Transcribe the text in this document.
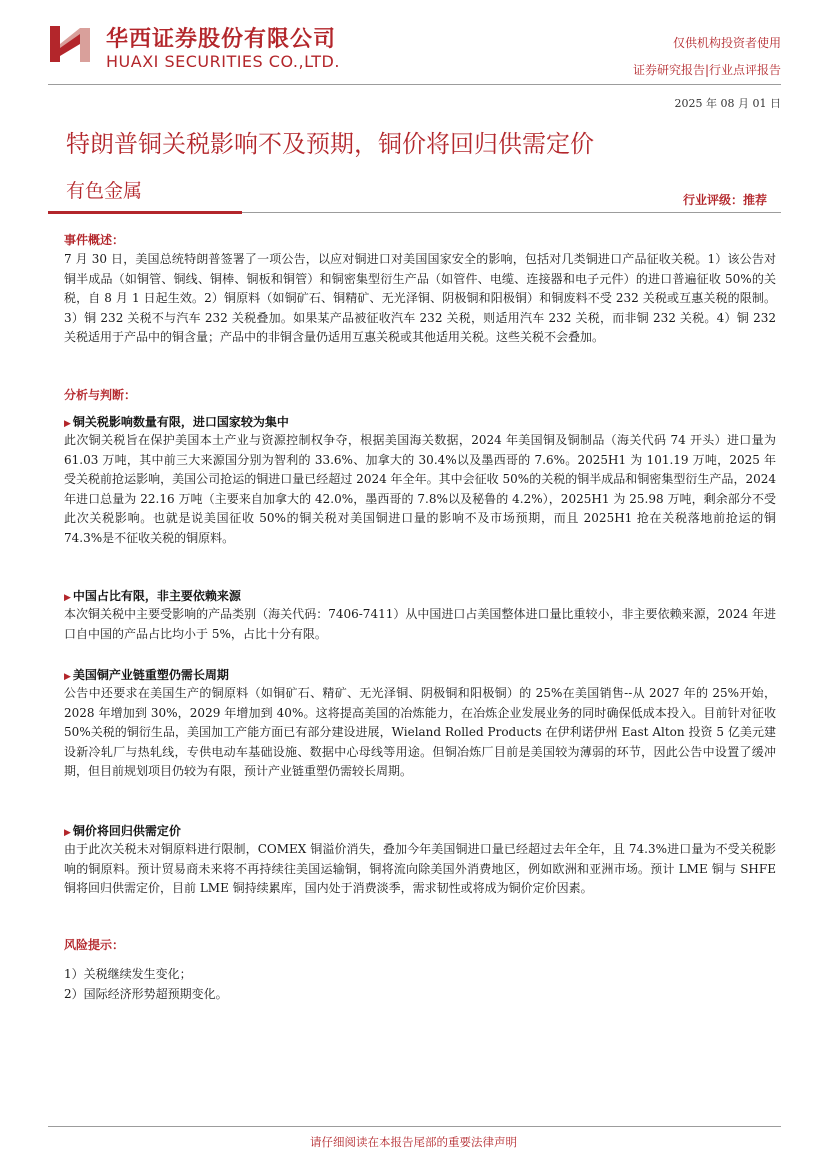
华西证券股份有限公司
HUAXI SECURITIES CO.,LTD.
仅供机构投资者使用
证券研究报告|行业点评报告
2025 年 08 月 01 日
特朗普铜关税影响不及预期，铜价将回归供需定价
有色金属	行业评级：推荐
事件概述：
7 月 30 日，美国总统特朗普签署了一项公告，以应对铜进口对美国国家安全的影响，包括对几类铜进口产品征收关税。1）该公告对铜半成品（如铜管、铜线、铜棒、铜板和铜管）和铜密集型衍生产品（如管件、电缆、连接器和电子元件）的进口普遍征收 50%的关税，自 8 月 1 日起生效。2）铜原料（如铜矿石、铜精矿、无光泽铜、阴极铜和阳极铜）和铜废料不受 232 关税或互惠关税的限制。3）铜 232 关税不与汽车 232 关税叠加。如果某产品被征收汽车 232 关税，则适用汽车 232 关税，而非铜 232 关税。4）铜 232 关税适用于产品中的铜含量；产品中的非铜含量仍适用互惠关税或其他适用关税。这些关税不会叠加。
分析与判断：
▶ 铜关税影响数量有限，进口国家较为集中
此次铜关税旨在保护美国本土产业与资源控制权争夺，根据美国海关数据，2024 年美国铜及铜制品（海关代码 74 开头）进口量为 61.03 万吨，其中前三大来源国分别为智利的 33.6%、加拿大的 30.4%以及墨西哥的 7.6%。2025H1 为 101.19 万吨，2025 年受关税前抢运影响，美国公司抢运的铜进口量已经超过 2024 年全年。其中会征收 50%的关税的铜半成品和铜密集型衍生产品，2024 年进口总量为 22.16 万吨（主要来自加拿大的 42.0%，墨西哥的 7.8%以及秘鲁的 4.2%），2025H1 为 25.98 万吨，剩余部分不受此次关税影响。也就是说美国征收 50%的铜关税对美国铜进口量的影响不及市场预期，而且 2025H1 抢在关税落地前抢运的铜 74.3%是不征收关税的铜原料。
▶ 中国占比有限，非主要依赖来源
本次铜关税中主要受影响的产品类别（海关代码：7406-7411）从中国进口占美国整体进口量比重较小，非主要依赖来源，2024 年进口自中国的产品占比均小于 5%，占比十分有限。
▶ 美国铜产业链重塑仍需长周期
公告中还要求在美国生产的铜原料（如铜矿石、精矿、无光泽铜、阴极铜和阳极铜）的 25%在美国销售--从 2027 年的 25%开始，2028 年增加到 30%，2029 年增加到 40%。这将提高美国的冶炼能力，在冶炼企业发展业务的同时确保低成本投入。目前针对征收 50%关税的铜衍生品，美国加工产能方面已有部分建设进展，Wieland Rolled Products 在伊利诺伊州 East Alton 投资 5 亿美元建设新冷轧厂与热轧线，专供电动车基础设施、数据中心母线等用途。但铜冶炼厂目前是美国较为薄弱的环节，因此公告中设置了缓冲期，但目前规划项目仍较为有限，预计产业链重塑仍需较长周期。
▶ 铜价将回归供需定价
由于此次关税未对铜原料进行限制，COMEX 铜溢价消失，叠加今年美国铜进口量已经超过去年全年，且 74.3%进口量为不受关税影响的铜原料。预计贸易商未来将不再持续往美国运输铜，铜将流向除美国外消费地区，例如欧洲和亚洲市场。预计 LME 铜与 SHFE 铜将回归供需定价，目前 LME 铜持续累库，国内处于消费淡季，需求韧性或将成为铜价定价因素。
风险提示：
1）关税继续发生变化；
2）国际经济形势超预期变化。
请仔细阅读在本报告尾部的重要法律声明
